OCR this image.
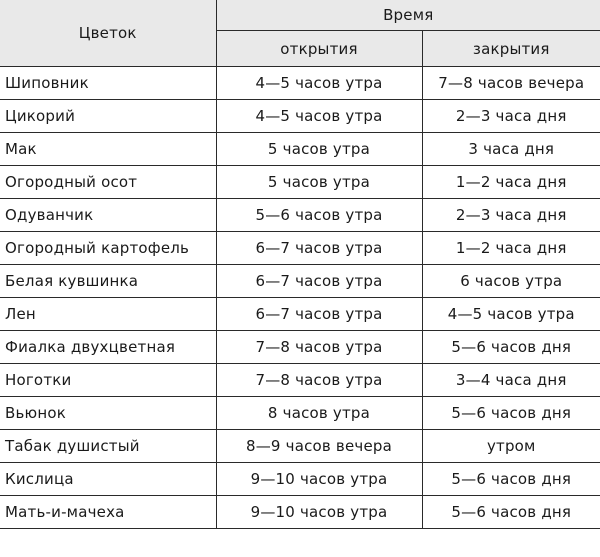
Цветок	Время	
	открытия	закрытия
Шиповник	4—5 часов утра	7—8 часов вечера
Цикорий	4—5 часов утра	2—3 часа дня
Мак	5 часов утра	3 часа дня
Огородный осот	5 часов утра	1—2 часа дня
Одуванчик	5—6 часов утра	2—3 часа дня
Огородный картофель	6—7 часов утра	1—2 часа дня
Белая кувшинка	6—7 часов утра	6 часов утра
Лен	6—7 часов утра	4—5 часов утра
Фиалка двухцветная	7—8 часов утра	5—6 часов дня
Ноготки	7—8 часов утра	3—4 часа дня
Вьюнок	8 часов утра	5—6 часов дня
Табак душистый	8—9 часов вечера	утром
Кислица	9—10 часов утра	5—6 часов дня
Мать-и-мачеха	9—10 часов утра	5—6 часов дня
